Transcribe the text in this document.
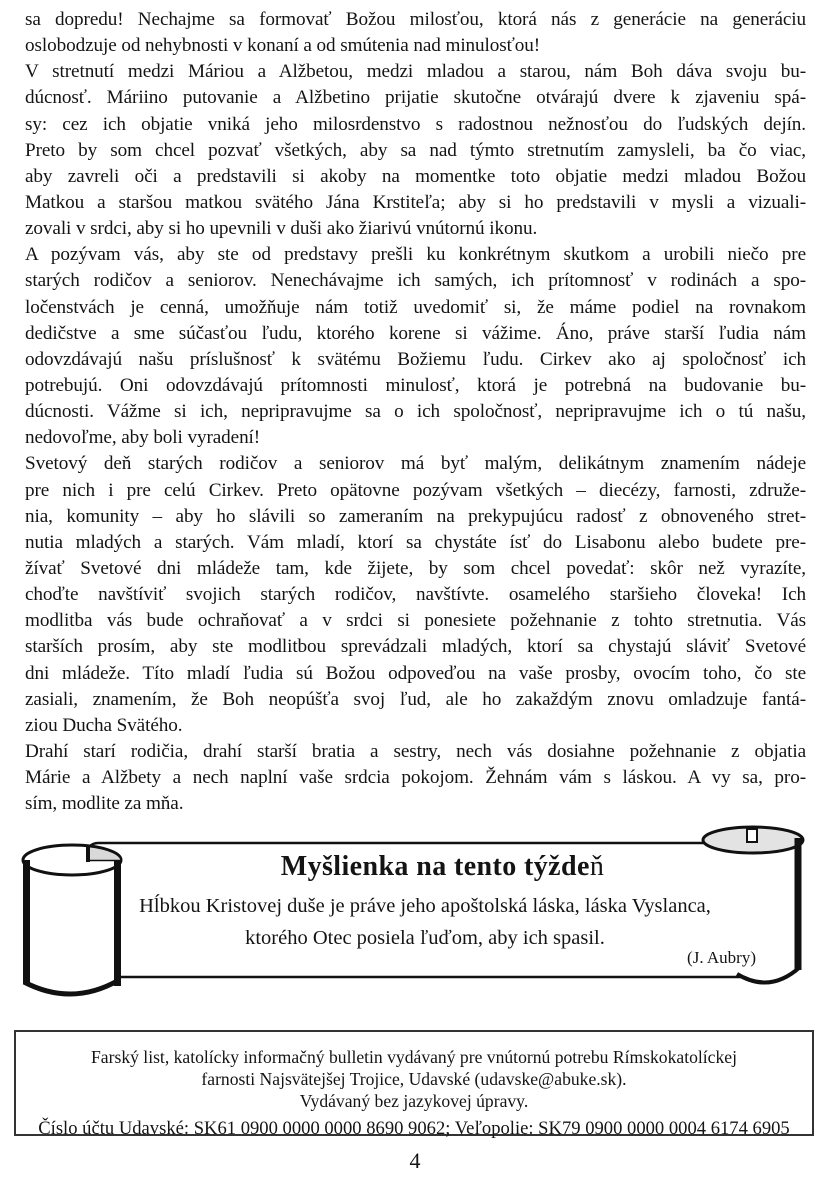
sa dopredu! Nechajme sa formovať Božou milosťou, ktorá nás z generácie na generáciu
oslobodzuje od nehybnosti v konaní a od smútenia nad minulosťou!
V stretnutí medzi Máriou a Alžbetou, medzi mladou a starou, nám Boh dáva svoju bu-
dúcnosť. Máriino putovanie a Alžbetino prijatie skutočne otvárajú dvere k zjaveniu spá-
sy: cez ich objatie vniká jeho milosrdenstvo s radostnou nežnosťou do ľudských dejín.
Preto by som chcel pozvať všetkých, aby sa nad týmto stretnutím zamysleli, ba čo viac,
aby zavreli oči a predstavili si akoby na momentke toto objatie medzi mladou Božou
Matkou a staršou matkou svätého Jána Krstiteľa; aby si ho predstavili v mysli a vizuali-
zovali v srdci, aby si ho upevnili v duši ako žiarivú vnútornú ikonu.
A pozývam vás, aby ste od predstavy prešli ku konkrétnym skutkom a urobili niečo pre
starých rodičov a seniorov. Nenechávajme ich samých, ich prítomnosť v rodinách a spo-
ločenstvách je cenná, umožňuje nám totiž uvedomiť si, že máme podiel na rovnakom
dedičstve a sme súčasťou ľudu, ktorého korene si vážime. Áno, práve starší ľudia nám
odovzdávajú našu príslušnosť k svätému Božiemu ľudu. Cirkev ako aj spoločnosť ich
potrebujú. Oni odovzdávajú prítomnosti minulosť, ktorá je potrebná na budovanie bu-
dúcnosti. Vážme si ich, nepripravujme sa o ich spoločnosť, nepripravujme ich o tú našu,
nedovoľme, aby boli vyradení!
Svetový deň starých rodičov a seniorov má byť malým, delikátnym znamením nádeje
pre nich i pre celú Cirkev. Preto opätovne pozývam všetkých – diecézy, farnosti, združe-
nia, komunity – aby ho slávili so zameraním na prekypujúcu radosť z obnoveného stret-
nutia mladých a starých. Vám mladí, ktorí sa chystáte ísť do Lisabonu alebo budete pre-
žívať Svetové dni mládeže tam, kde žijete, by som chcel povedať: skôr než vyrazíte,
choďte navštíviť svojich starých rodičov, navštívte. osamelého staršieho človeka! Ich
modlitba vás bude ochraňovať a v srdci si ponesiete požehnanie z tohto stretnutia. Vás
starších prosím, aby ste modlitbou sprevádzali mladých, ktorí sa chystajú sláviť Svetové
dni mládeže. Títo mladí ľudia sú Božou odpoveďou na vaše prosby, ovocím toho, čo ste
zasiali, znamením, že Boh neopúšťa svoj ľud, ale ho zakaždým znovu omladzuje fantá-
ziou Ducha Svätého.
Drahí starí rodičia, drahí starší bratia a sestry, nech vás dosiahne požehnanie z objatia
Márie a Alžbety a nech naplní vaše srdcia pokojom. Žehnám vám s láskou. A vy sa, pro-
sím, modlite za mňa.
Myšlienka na tento týždeň
Hĺbkou Kristovej duše je práve jeho apoštolská láska, láska Vyslanca,
ktorého Otec posiela ľuďom, aby ich spasil.
(J. Aubry)
Farský list, katolícky informačný bulletin vydávaný pre vnútornú potrebu Rímskokatolíckej
farnosti Najsvätejšej Trojice, Udavské (udavske@abuke.sk).
Vydávaný bez jazykovej úpravy.
Číslo účtu Udavské: SK61 0900 0000 0000 8690 9062; Veľopolie: SK79 0900 0000 0004 6174 6905
4
